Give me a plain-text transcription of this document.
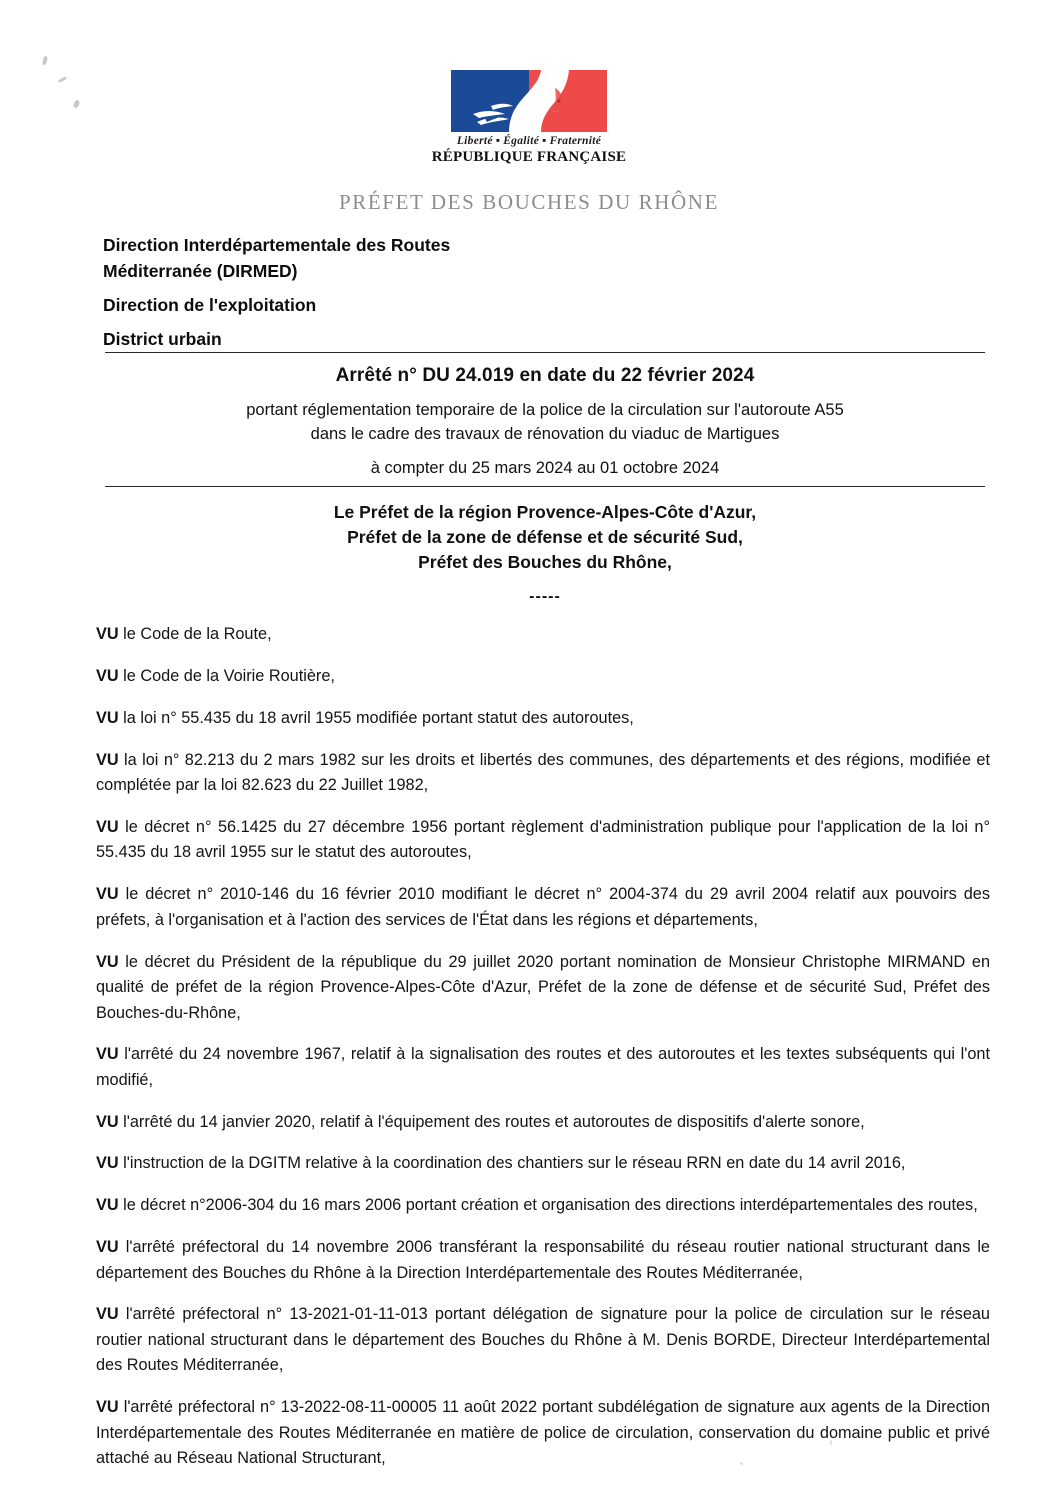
Liberté ▪ Égalité ▪ Fraternité
RÉPUBLIQUE FRANÇAISE
PRÉFET DES BOUCHES DU RHÔNE
Direction Interdépartementale des Routes
Méditerranée (DIRMED)
Direction de l'exploitation
District urbain
Arrêté n° DU 24.019 en date du 22 février 2024
portant réglementation temporaire de la police de la circulation sur l'autoroute A55
dans le cadre des travaux de rénovation du viaduc de Martigues
à compter du 25 mars 2024 au 01 octobre 2024
Le Préfet de la région Provence-Alpes-Côte d'Azur,
Préfet de la zone de défense et de sécurité Sud,
Préfet des Bouches du Rhône,
-----

VU le Code de la Route,

VU le Code de la Voirie Routière,

VU la loi n° 55.435 du 18 avril 1955 modifiée portant statut des autoroutes,

VU la loi n° 82.213 du 2 mars 1982 sur les droits et libertés des communes, des départements et des régions, modifiée et complétée par la loi 82.623 du 22 Juillet 1982,

VU le décret n° 56.1425 du 27 décembre 1956 portant règlement d'administration publique pour l'application de la loi n° 55.435 du 18 avril 1955 sur le statut des autoroutes,

VU le décret n° 2010-146 du 16 février 2010 modifiant le décret n° 2004-374 du 29 avril 2004 relatif aux pouvoirs des préfets, à l'organisation et à l'action des services de l'État dans les régions et départements,

VU le décret du Président de la république du 29 juillet 2020 portant nomination de Monsieur Christophe MIRMAND en qualité de préfet de la région Provence-Alpes-Côte d'Azur, Préfet de la zone de défense et de sécurité Sud, Préfet des Bouches-du-Rhône,

VU l'arrêté du 24 novembre 1967, relatif à la signalisation des routes et des autoroutes et les textes subséquents qui l'ont modifié,

VU l'arrêté du 14 janvier 2020, relatif à l'équipement des routes et autoroutes de dispositifs d'alerte sonore,

VU l'instruction de la DGITM relative à la coordination des chantiers sur le réseau RRN en date du 14 avril 2016,

VU le décret n°2006-304 du 16 mars 2006 portant création et organisation des directions interdépartementales des routes,

VU l'arrêté préfectoral du 14 novembre 2006 transférant la responsabilité du réseau routier national structurant dans le département des Bouches du Rhône à la Direction Interdépartementale des Routes Méditerranée,

VU l'arrêté préfectoral n° 13-2021-01-11-013 portant délégation de signature pour la police de circulation sur le réseau routier national structurant dans le département des Bouches du Rhône à M. Denis BORDE, Directeur Interdépartemental des Routes Méditerranée,

VU l'arrêté préfectoral n° 13-2022-08-11-00005 11 août 2022 portant subdélégation de signature aux agents de la Direction Interdépartementale des Routes Méditerranée en matière de police de circulation, conservation du domaine public et privé attaché au Réseau National Structurant,
